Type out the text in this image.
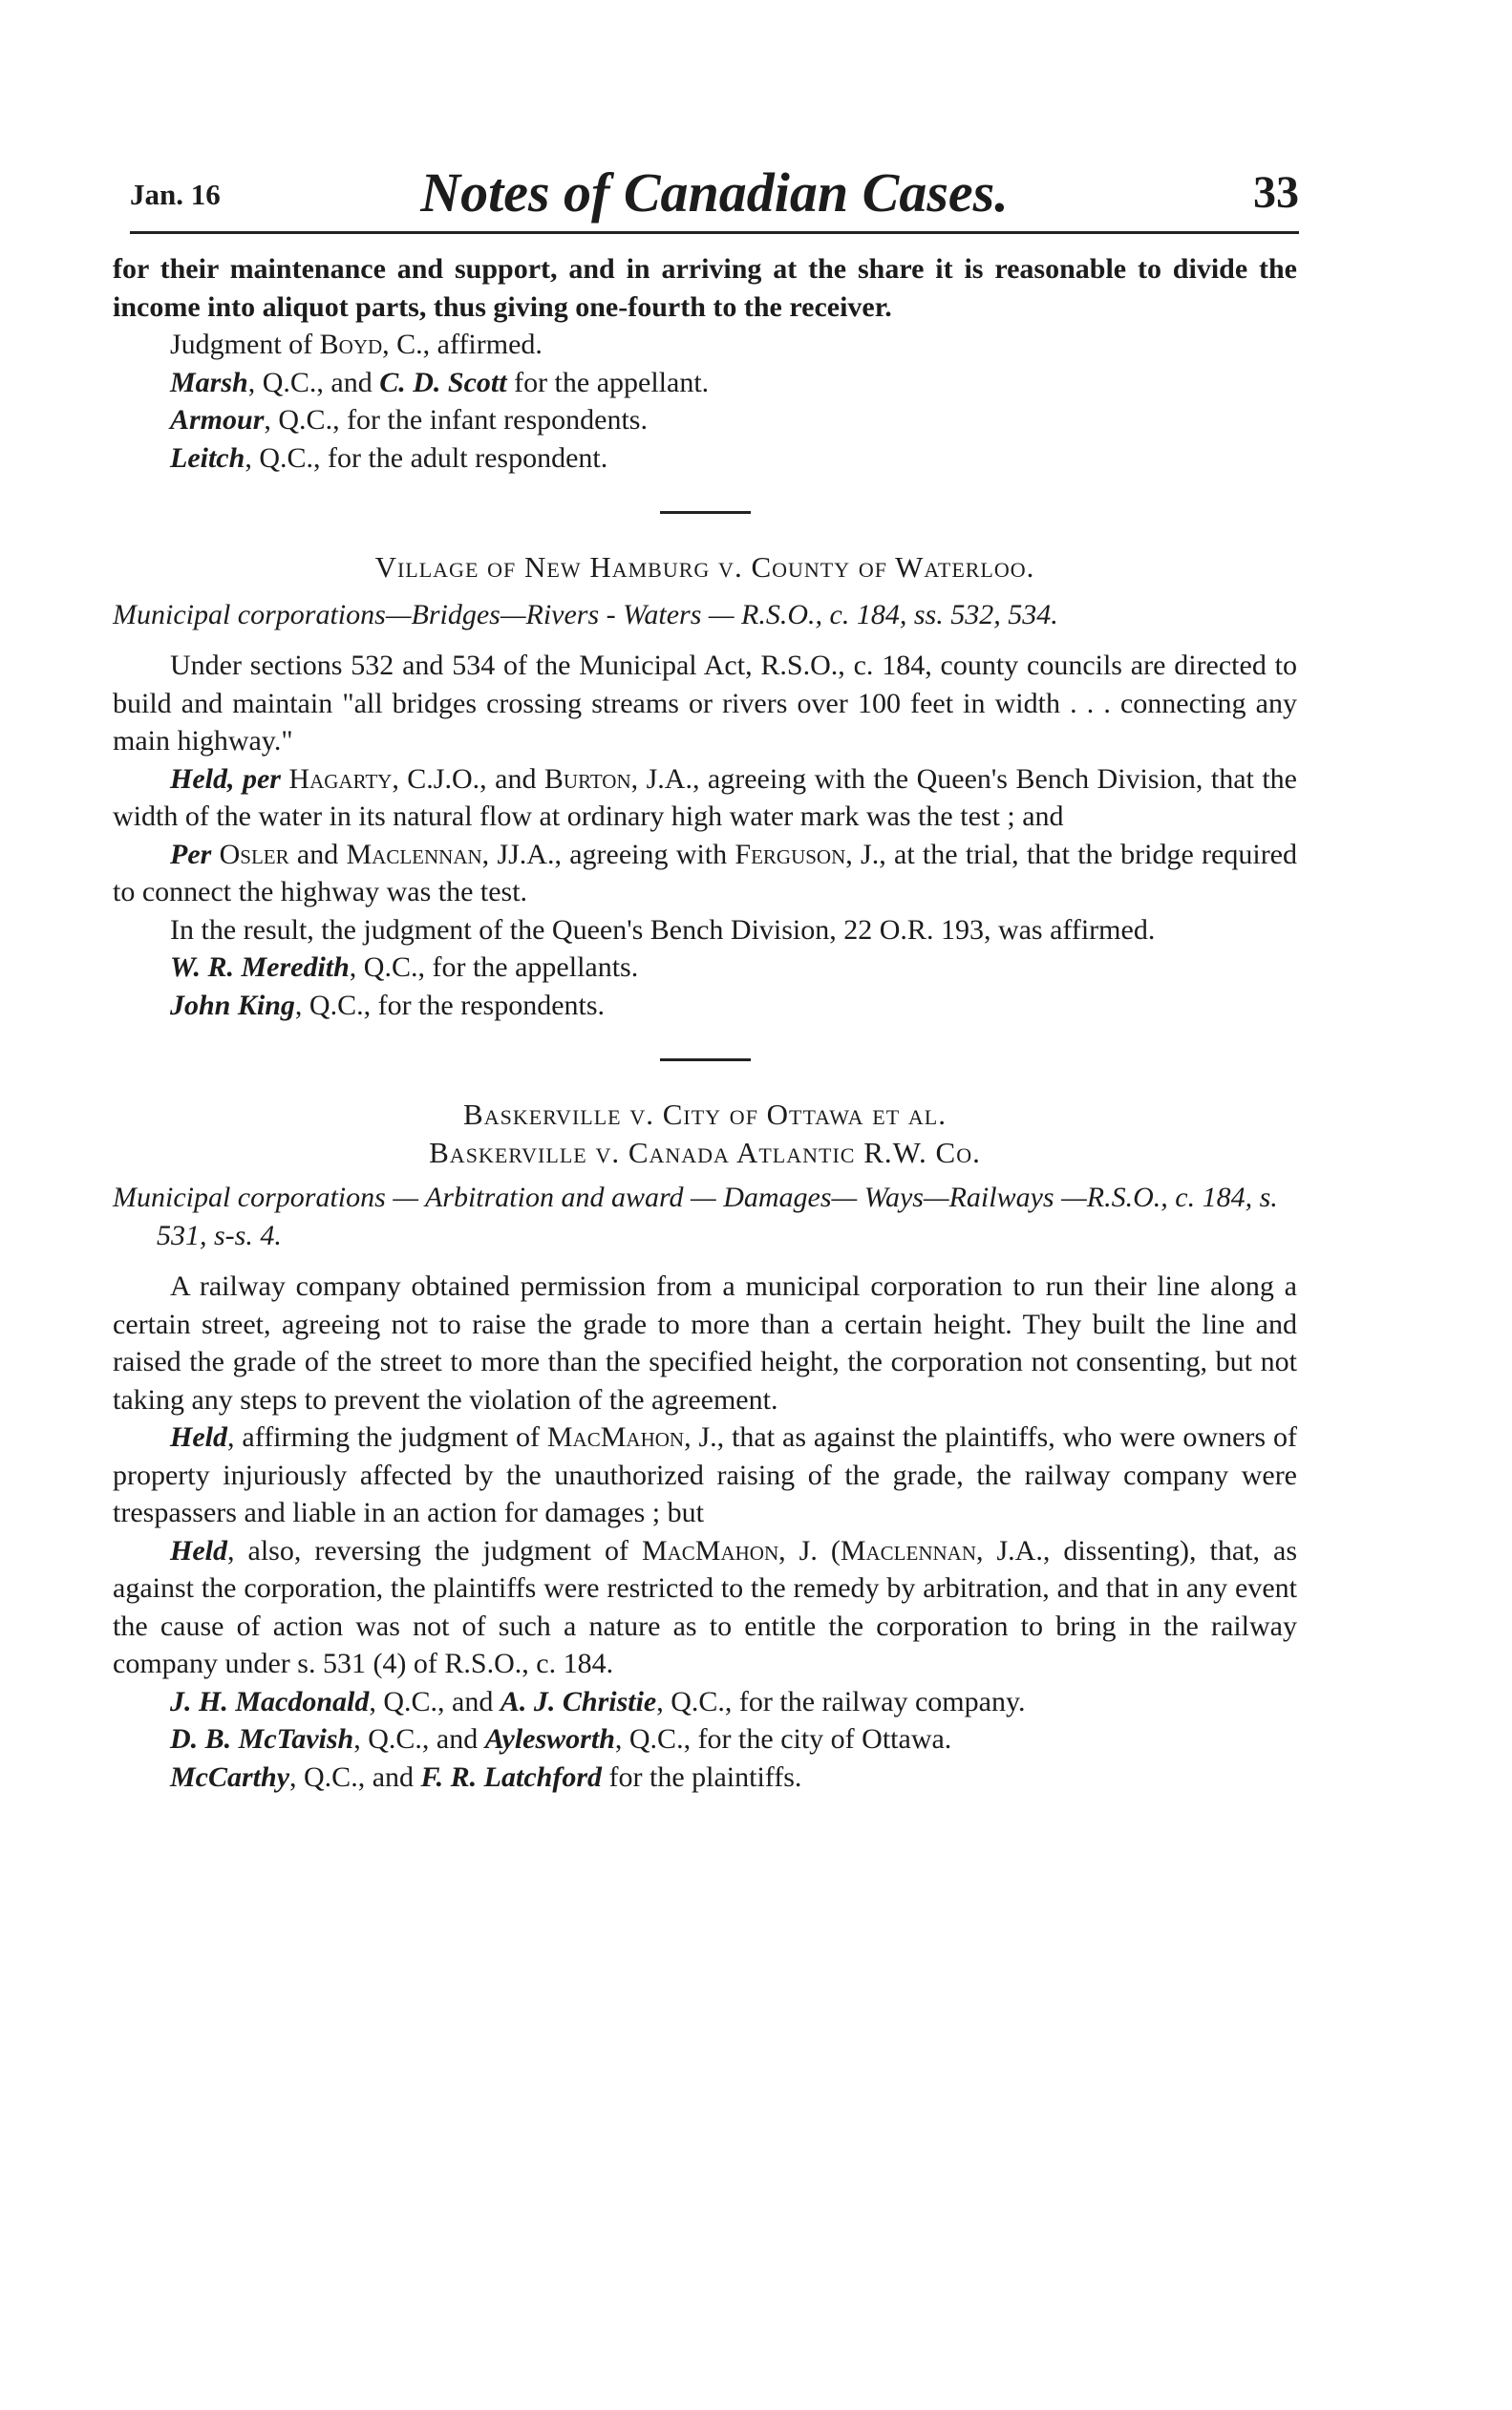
Jan. 16	Notes of Canadian Cases.	33

for their maintenance and support, and in arriving at the share it is reasonable to divide the income into aliquot parts, thus giving one-fourth to the receiver.

Judgment of Boyd, C., affirmed.

Marsh, Q.C., and C. D. Scott for the appellant.

Armour, Q.C., for the infant respondents.

Leitch, Q.C., for the adult respondent.

Village of New Hamburg v. County of Waterloo.

Municipal corporations—Bridges—Rivers - Waters — R.S.O., c. 184, ss. 532, 534.

Under sections 532 and 534 of the Municipal Act, R.S.O., c. 184, county councils are directed to build and maintain "all bridges crossing streams or rivers over 100 feet in width . . . connecting any main highway."

Held, per Hagarty, C.J.O., and Burton, J.A., agreeing with the Queen's Bench Division, that the width of the water in its natural flow at ordinary high water mark was the test ; and

Per Osler and Maclennan, JJ.A., agreeing with Ferguson, J., at the trial, that the bridge required to connect the highway was the test.

In the result, the judgment of the Queen's Bench Division, 22 O.R. 193, was affirmed.

W. R. Meredith, Q.C., for the appellants.

John King, Q.C., for the respondents.

Baskerville v. City of Ottawa et al.

Baskerville v. Canada Atlantic R.W. Co.

Municipal corporations — Arbitration and award — Damages— Ways—Railways —R.S.O., c. 184, s. 531, s-s. 4.

A railway company obtained permission from a municipal corporation to run their line along a certain street, agreeing not to raise the grade to more than a certain height. They built the line and raised the grade of the street to more than the specified height, the corporation not consenting, but not taking any steps to prevent the violation of the agreement.

Held, affirming the judgment of MacMahon, J., that as against the plaintiffs, who were owners of property injuriously affected by the unauthorized raising of the grade, the railway company were trespassers and liable in an action for damages ; but

Held, also, reversing the judgment of MacMahon, J. (Maclennan, J.A., dissenting), that, as against the corporation, the plaintiffs were restricted to the remedy by arbitration, and that in any event the cause of action was not of such a nature as to entitle the corporation to bring in the railway company under s. 531 (4) of R.S.O., c. 184.

J. H. Macdonald, Q.C., and A. J. Christie, Q.C., for the railway company.

D. B. McTavish, Q.C., and Aylesworth, Q.C., for the city of Ottawa.

McCarthy, Q.C., and F. R. Latchford for the plaintiffs.
